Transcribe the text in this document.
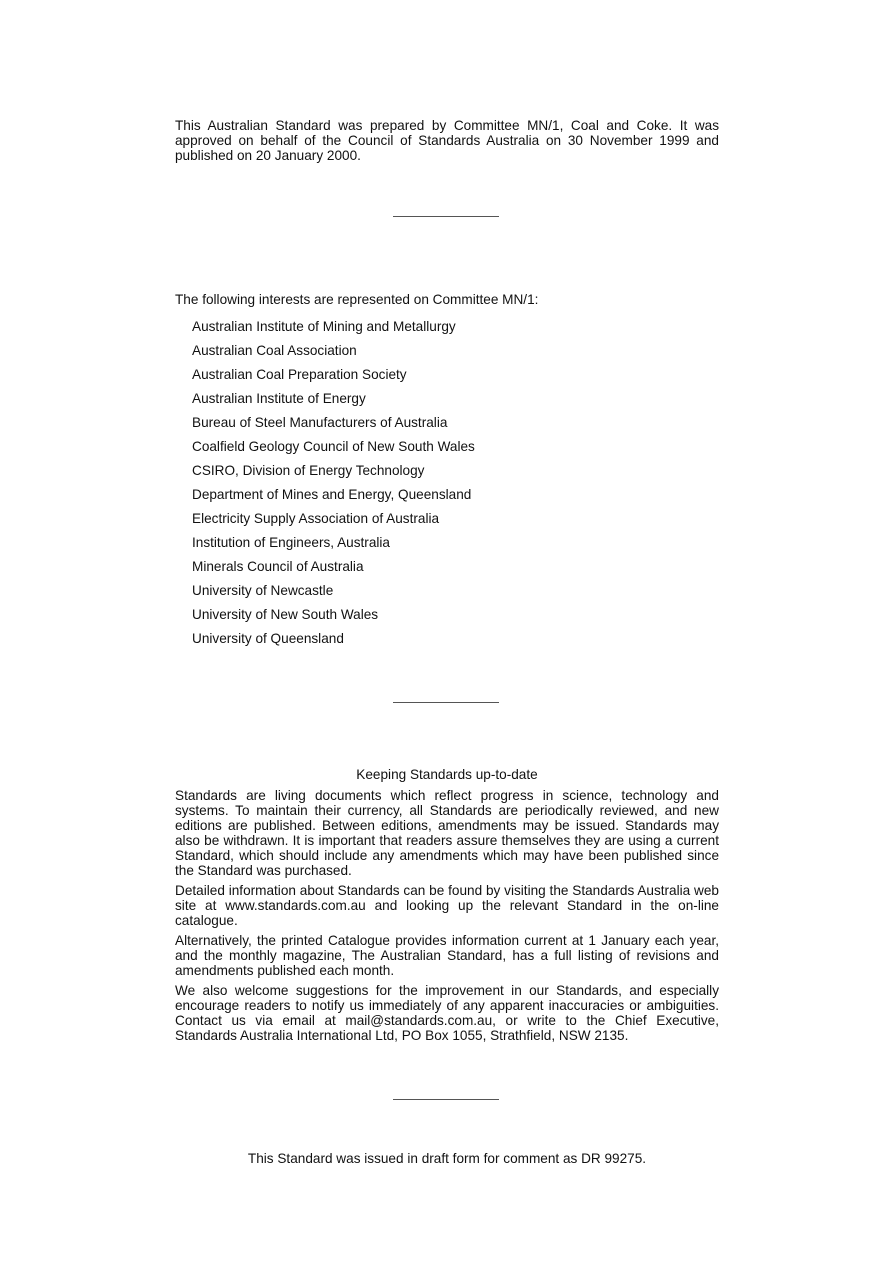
This Australian Standard was prepared by Committee MN/1, Coal and Coke. It was approved on behalf of the Council of Standards Australia on 30 November 1999 and published on 20 January 2000.

The following interests are represented on Committee MN/1:
Australian Institute of Mining and Metallurgy
Australian Coal Association
Australian Coal Preparation Society
Australian Institute of Energy
Bureau of Steel Manufacturers of Australia
Coalfield Geology Council of New South Wales
CSIRO, Division of Energy Technology
Department of Mines and Energy, Queensland
Electricity Supply Association of Australia
Institution of Engineers, Australia
Minerals Council of Australia
University of Newcastle
University of New South Wales
University of Queensland
Keeping Standards up-to-date

Standards are living documents which reflect progress in science, technology and systems. To maintain their currency, all Standards are periodically reviewed, and new editions are published. Between editions, amendments may be issued. Standards may also be withdrawn. It is important that readers assure themselves they are using a current Standard, which should include any amendments which may have been published since the Standard was purchased.

Detailed information about Standards can be found by visiting the Standards Australia web site at www.standards.com.au and looking up the relevant Standard in the on-line catalogue.

Alternatively, the printed Catalogue provides information current at 1 January each year, and the monthly magazine, The Australian Standard, has a full listing of revisions and amendments published each month.

We also welcome suggestions for the improvement in our Standards, and especially encourage readers to notify us immediately of any apparent inaccuracies or ambiguities. Contact us via email at mail@standards.com.au, or write to the Chief Executive, Standards Australia International Ltd, PO Box 1055, Strathfield, NSW 2135.

This Standard was issued in draft form for comment as DR 99275.
